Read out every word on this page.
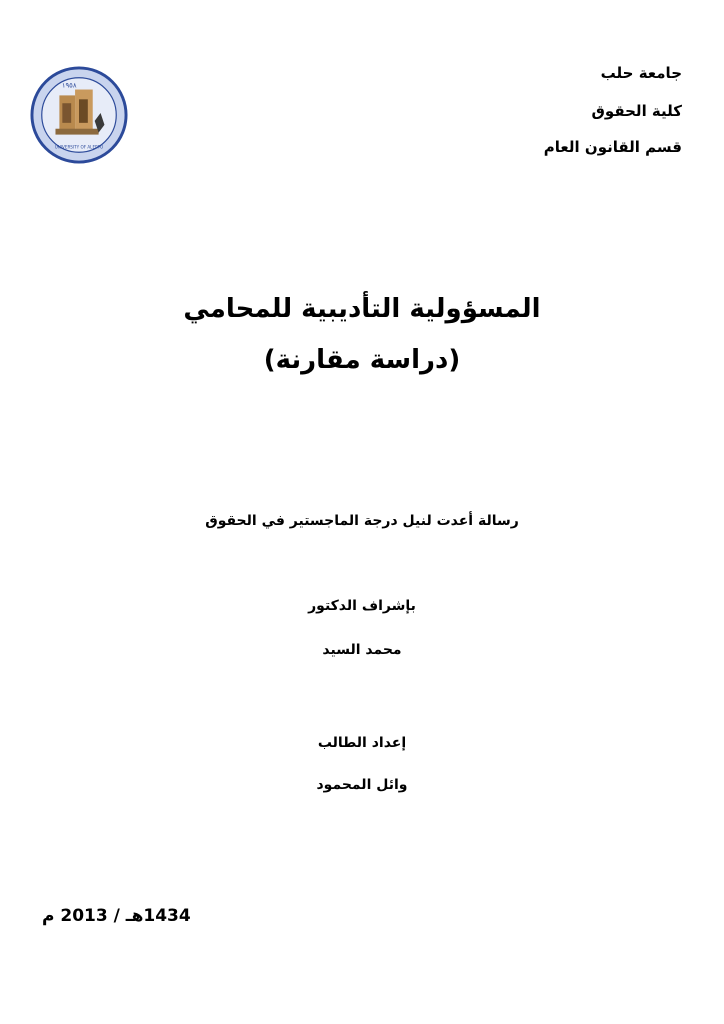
جامعة حلب
كلية الحقوق
قسم القانون العام
١٩٥٨
UNIVERSITY OF ALEPPO
المسؤولية التأديبية للمحامي
(دراسة مقارنة)
رسالة أعدت لنيل درجة الماجستير في الحقوق
بإشراف الدكتور
محمد السيد
إعداد الطالب
وائل المحمود
1434هـ / 2013 م
